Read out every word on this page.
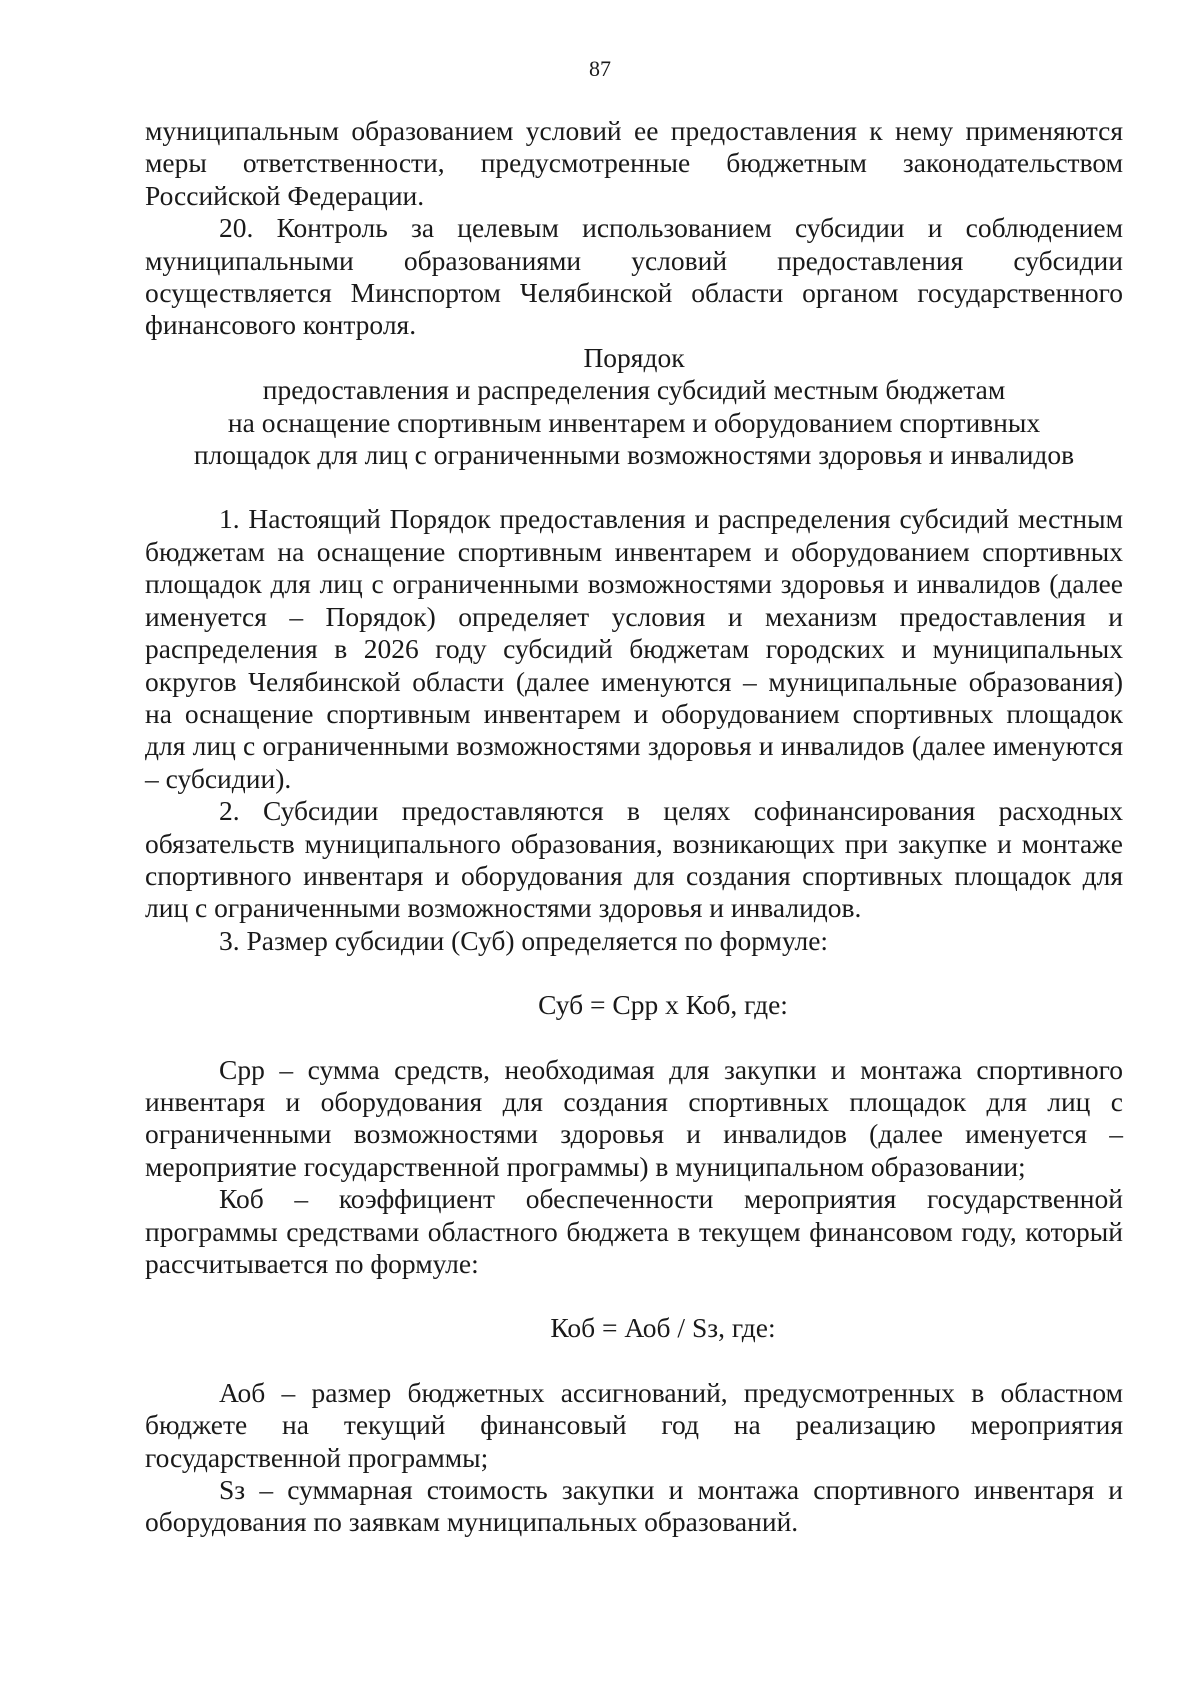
87

муниципальным образованием условий ее предоставления к нему применяются меры ответственности, предусмотренные бюджетным законодательством Российской Федерации.

20. Контроль за целевым использованием субсидии и соблюдением муниципальными образованиями условий предоставления субсидии осуществляется Минспортом Челябинской области органом государственного финансового контроля.

Порядок

предоставления и распределения субсидий местным бюджетам

на оснащение спортивным инвентарем и оборудованием спортивных

площадок для лиц с ограниченными возможностями здоровья и инвалидов

1. Настоящий Порядок предоставления и распределения субсидий местным бюджетам на оснащение спортивным инвентарем и оборудованием спортивных площадок для лиц с ограниченными возможностями здоровья и инвалидов (далее именуется – Порядок) определяет условия и механизм предоставления и распределения в 2026 году субсидий бюджетам городских и муниципальных округов Челябинской области (далее именуются – муниципальные образования) на оснащение спортивным инвентарем и оборудованием спортивных площадок для лиц с ограниченными возможностями здоровья и инвалидов (далее именуются – субсидии).

2. Субсидии предоставляются в целях софинансирования расходных обязательств муниципального образования, возникающих при закупке и монтаже спортивного инвентаря и оборудования для создания спортивных площадок для лиц с ограниченными возможностями здоровья и инвалидов.

3. Размер субсидии (Суб) определяется по формуле:

Суб = Срр x Коб, где:

Срр – сумма средств, необходимая для закупки и монтажа спортивного инвентаря и оборудования для создания спортивных площадок для лиц с ограниченными возможностями здоровья и инвалидов (далее именуется – мероприятие государственной программы) в муниципальном образовании;

Коб – коэффициент обеспеченности мероприятия государственной программы средствами областного бюджета в текущем финансовом году, который рассчитывается по формуле:

Коб = Аоб / Sз, где:

Аоб – размер бюджетных ассигнований, предусмотренных в областном бюджете на текущий финансовый год на реализацию мероприятия государственной программы;

Sз – суммарная стоимость закупки и монтажа спортивного инвентаря и оборудования по заявкам муниципальных образований.
